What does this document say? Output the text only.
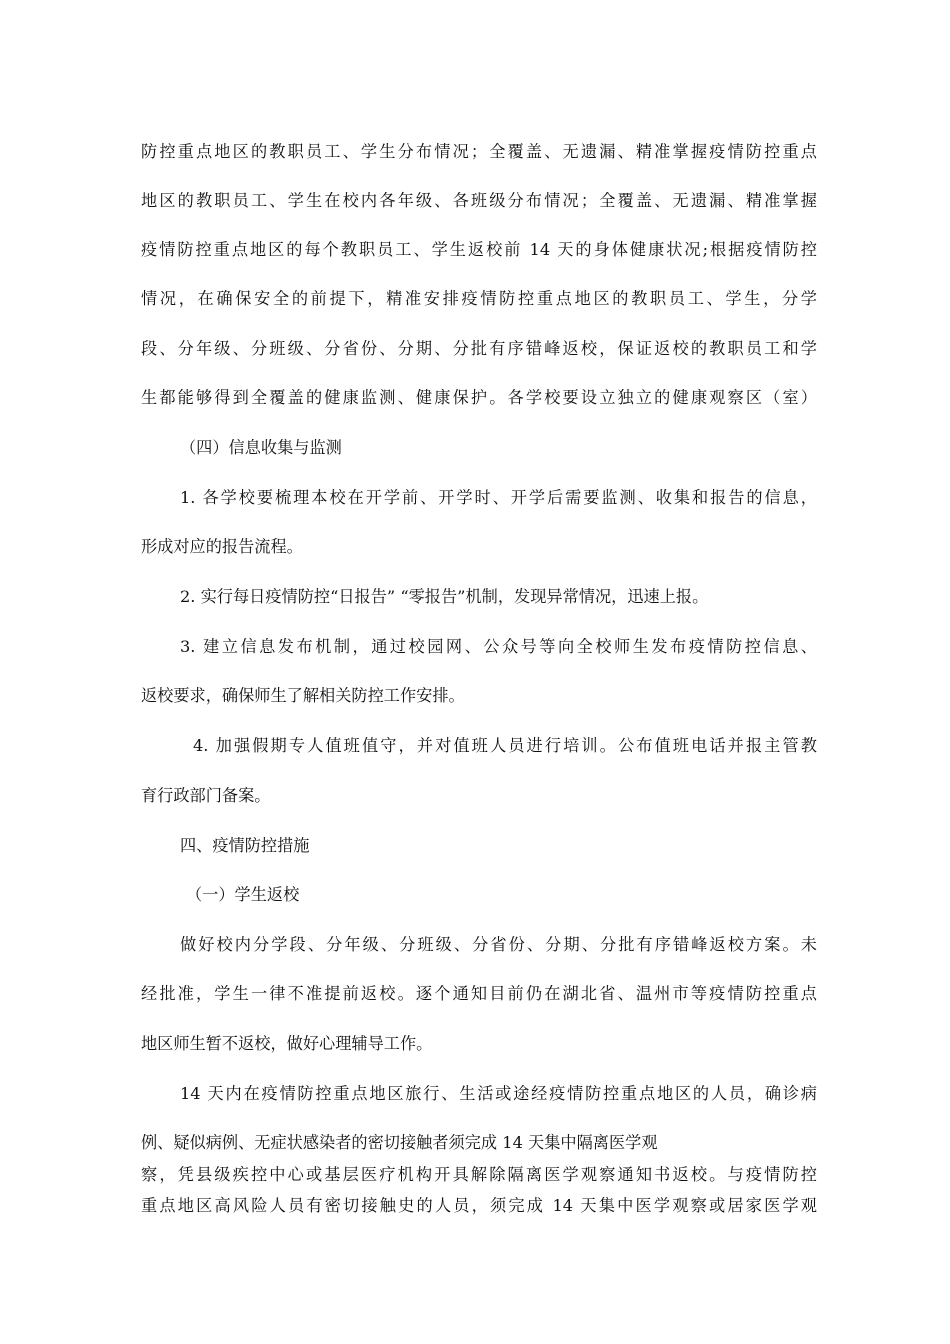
防控重点地区的教职员工、学生分布情况；全覆盖、无遗漏、精准掌握疫情防控重点
地区的教职员工、学生在校内各年级、各班级分布情况；全覆盖、无遗漏、精准掌握
疫情防控重点地区的每个教职员工、学生返校前 14 天的身体健康状况;根据疫情防控
情况，在确保安全的前提下，精准安排疫情防控重点地区的教职员工、学生，分学
段、分年级、分班级、分省份、分期、分批有序错峰返校，保证返校的教职员工和学
生都能够得到全覆盖的健康监测、健康保护。各学校要设立独立的健康观察区（室）
（四）信息收集与监测
1. 各学校要梳理本校在开学前、开学时、开学后需要监测、收集和报告的信息，
形成对应的报告流程。
2. 实行每日疫情防控“日报告” “零报告”机制，发现异常情况，迅速上报。
3. 建立信息发布机制，通过校园网、公众号等向全校师生发布疫情防控信息、
返校要求，确保师生了解相关防控工作安排。
4. 加强假期专人值班值守，并对值班人员进行培训。公布值班电话并报主管教
育行政部门备案。
四、疫情防控措施
（一）学生返校
做好校内分学段、分年级、分班级、分省份、分期、分批有序错峰返校方案。未
经批准，学生一律不准提前返校。逐个通知目前仍在湖北省、温州市等疫情防控重点
地区师生暂不返校，做好心理辅导工作。
14 天内在疫情防控重点地区旅行、生活或途经疫情防控重点地区的人员，确诊病
例、疑似病例、无症状感染者的密切接触者须完成 14 天集中隔离医学观
察，凭县级疾控中心或基层医疗机构开具解除隔离医学观察通知书返校。与疫情防控
重点地区高风险人员有密切接触史的人员，须完成 14 天集中医学观察或居家医学观
